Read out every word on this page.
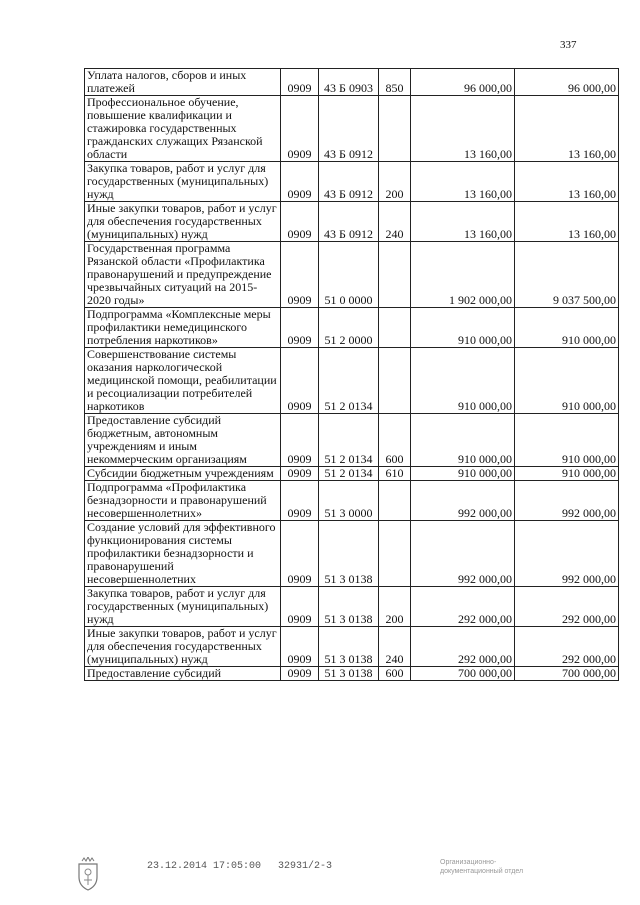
337
Уплата налогов, сборов и иных платежей	0909	43 Б 0903	850	96 000,00	96 000,00
Профессиональное обучение, повышение квалификации и стажировка государственных гражданских служащих Рязанской области	0909	43 Б 0912		13 160,00	13 160,00
Закупка товаров, работ и услуг для государственных (муниципальных) нужд	0909	43 Б 0912	200	13 160,00	13 160,00
Иные закупки товаров, работ и услуг для обеспечения государственных (муниципальных) нужд	0909	43 Б 0912	240	13 160,00	13 160,00
Государственная программа Рязанской области «Профилактика правонарушений и предупреждение чрезвычайных ситуаций на 2015-2020 годы»	0909	51 0 0000		1 902 000,00	9 037 500,00
Подпрограмма «Комплексные меры профилактики немедицинского потребления наркотиков»	0909	51 2 0000		910 000,00	910 000,00
Совершенствование системы оказания наркологической медицинской помощи, реабилитации и ресоциализации потребителей наркотиков	0909	51 2 0134		910 000,00	910 000,00
Предоставление субсидий бюджетным, автономным учреждениям и иным некоммерческим организациям	0909	51 2 0134	600	910 000,00	910 000,00
Субсидии бюджетным учреждениям	0909	51 2 0134	610	910 000,00	910 000,00
Подпрограмма «Профилактика безнадзорности и правонарушений несовершеннолетних»	0909	51 3 0000		992 000,00	992 000,00
Создание условий для эффективного функционирования системы профилактики безнадзорности и правонарушений несовершеннолетних	0909	51 3 0138		992 000,00	992 000,00
Закупка товаров, работ и услуг для государственных (муниципальных) нужд	0909	51 3 0138	200	292 000,00	292 000,00
Иные закупки товаров, работ и услуг для обеспечения государственных (муниципальных) нужд	0909	51 3 0138	240	292 000,00	292 000,00
Предоставление субсидий	0909	51 3 0138	600	700 000,00	700 000,00
23.12.2014 17:05:00 32931/2-3	Организационно-
документационный отдел
